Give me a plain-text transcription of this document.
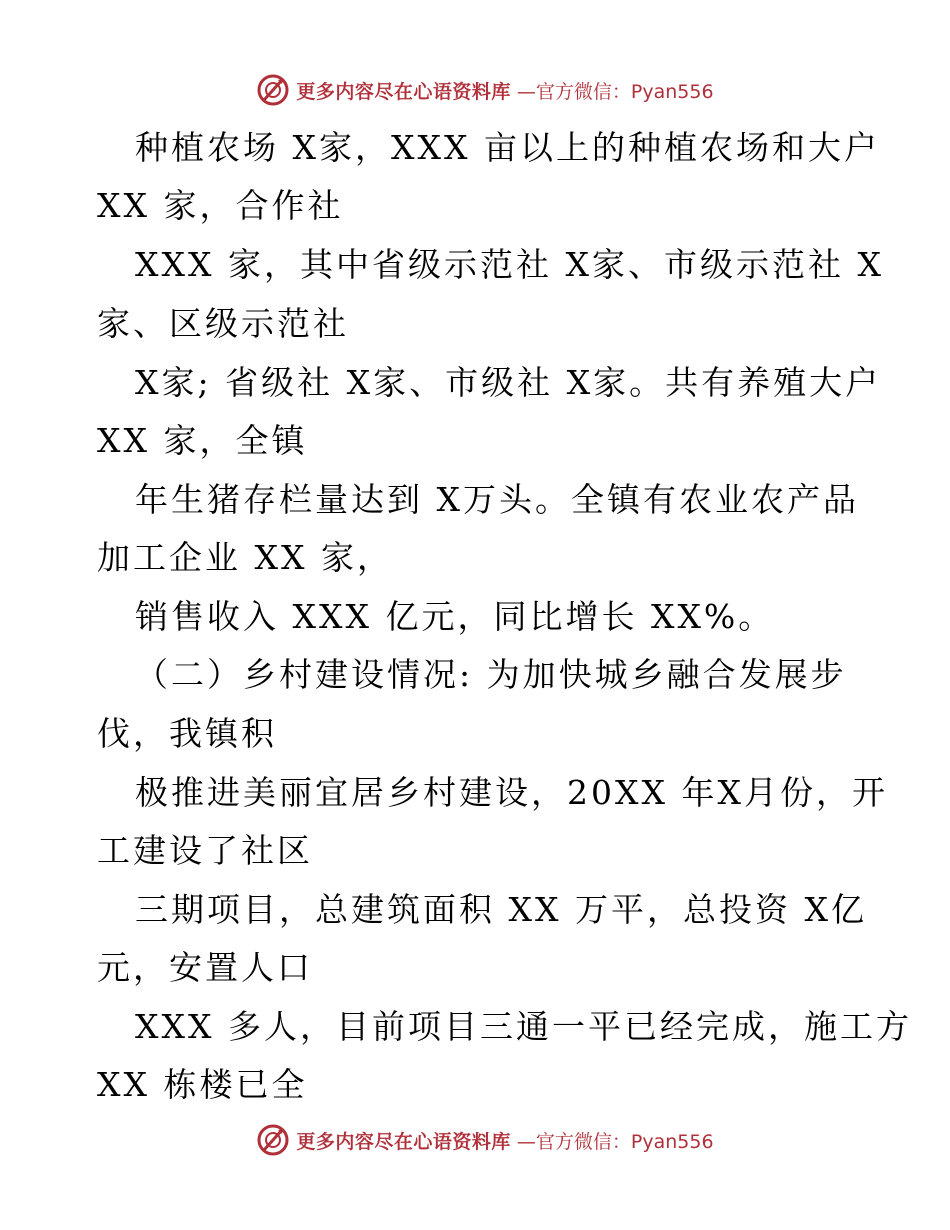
更多内容尽在心语资料库 —官方微信：Pyan556
种植农场 X家，XXX 亩以上的种植农场和大户
XX 家，合作社
XXX 家，其中省级示范社 X家、市级示范社 X
家、区级示范社
X家; 省级社 X家、市级社 X家。共有养殖大户
XX 家，全镇
年生猪存栏量达到 X万头。全镇有农业农产品
加工企业 XX 家，
销售收入 XXX 亿元，同比增长 XX%。
（二）乡村建设情况: 为加快城乡融合发展步
伐，我镇积
极推进美丽宜居乡村建设，20XX 年X月份，开
工建设了社区
三期项目，总建筑面积 XX 万平，总投资 X亿
元，安置人口
XXX 多人，目前项目三通一平已经完成，施工方
XX 栋楼已全
更多内容尽在心语资料库 —官方微信：Pyan556
